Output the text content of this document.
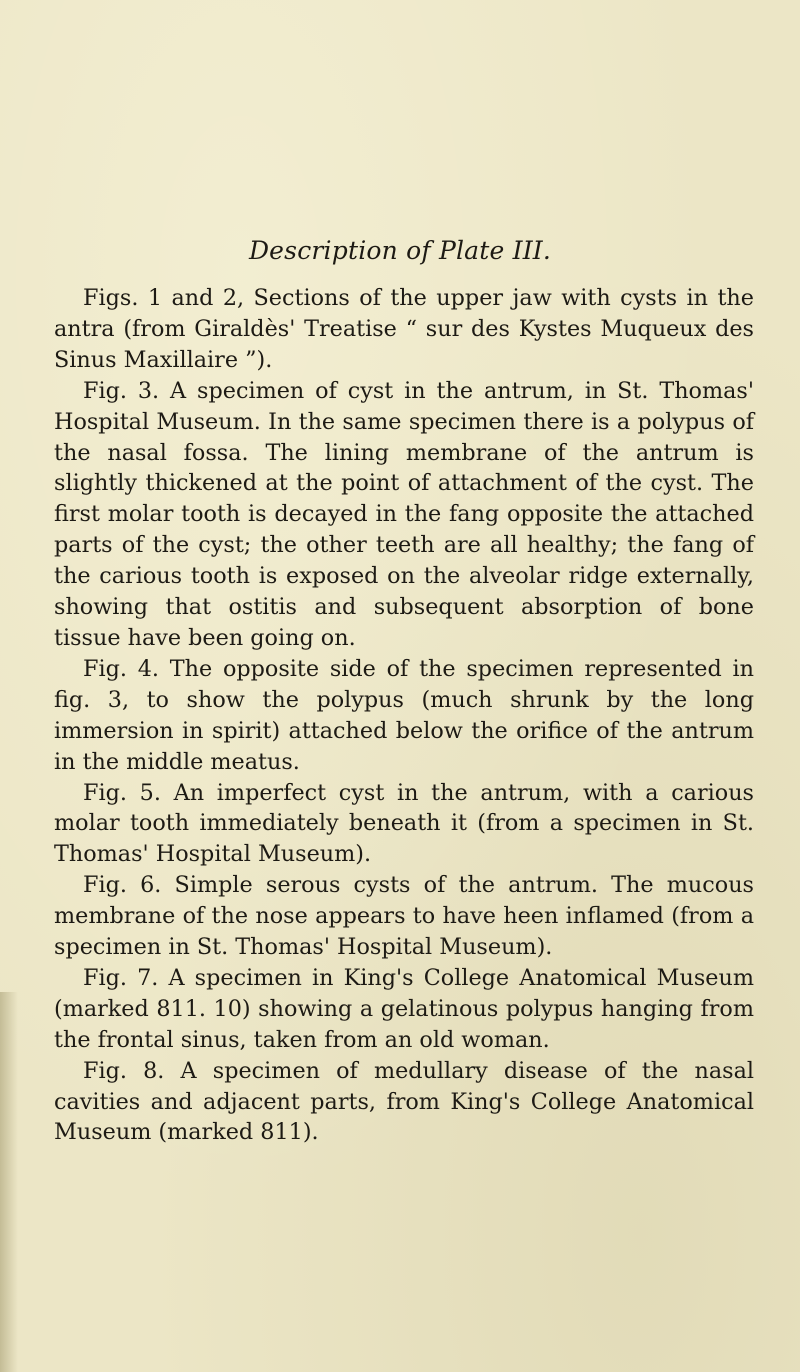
Description of Plate III.

Figs. 1 and 2, Sections of the upper jaw with cysts in the antra (from Giraldès' Treatise “ sur des Kystes Muqueux des Sinus Maxillaire ”).

Fig. 3. A specimen of cyst in the antrum, in St. Thomas' Hospital Museum. In the same specimen there is a polypus of the nasal fossa. The lining membrane of the antrum is slightly thickened at the point of attachment of the cyst. The first molar tooth is decayed in the fang opposite the attached parts of the cyst; the other teeth are all healthy; the fang of the carious tooth is exposed on the alveolar ridge externally, showing that ostitis and subsequent absorption of bone tissue have been going on.

Fig. 4. The opposite side of the specimen represented in fig. 3, to show the polypus (much shrunk by the long immersion in spirit) attached below the orifice of the antrum in the middle meatus.

Fig. 5. An imperfect cyst in the antrum, with a carious molar tooth immediately beneath it (from a specimen in St. Thomas' Hospital Museum).

Fig. 6. Simple serous cysts of the antrum. The mucous membrane of the nose appears to have heen inflamed (from a specimen in St. Thomas' Hospital Museum).

Fig. 7. A specimen in King's College Anatomical Museum (marked 811. 10) showing a gelatinous polypus hanging from the frontal sinus, taken from an old woman.

Fig. 8. A specimen of medullary disease of the nasal cavities and adjacent parts, from King's College Anatomical Museum (marked 811).
